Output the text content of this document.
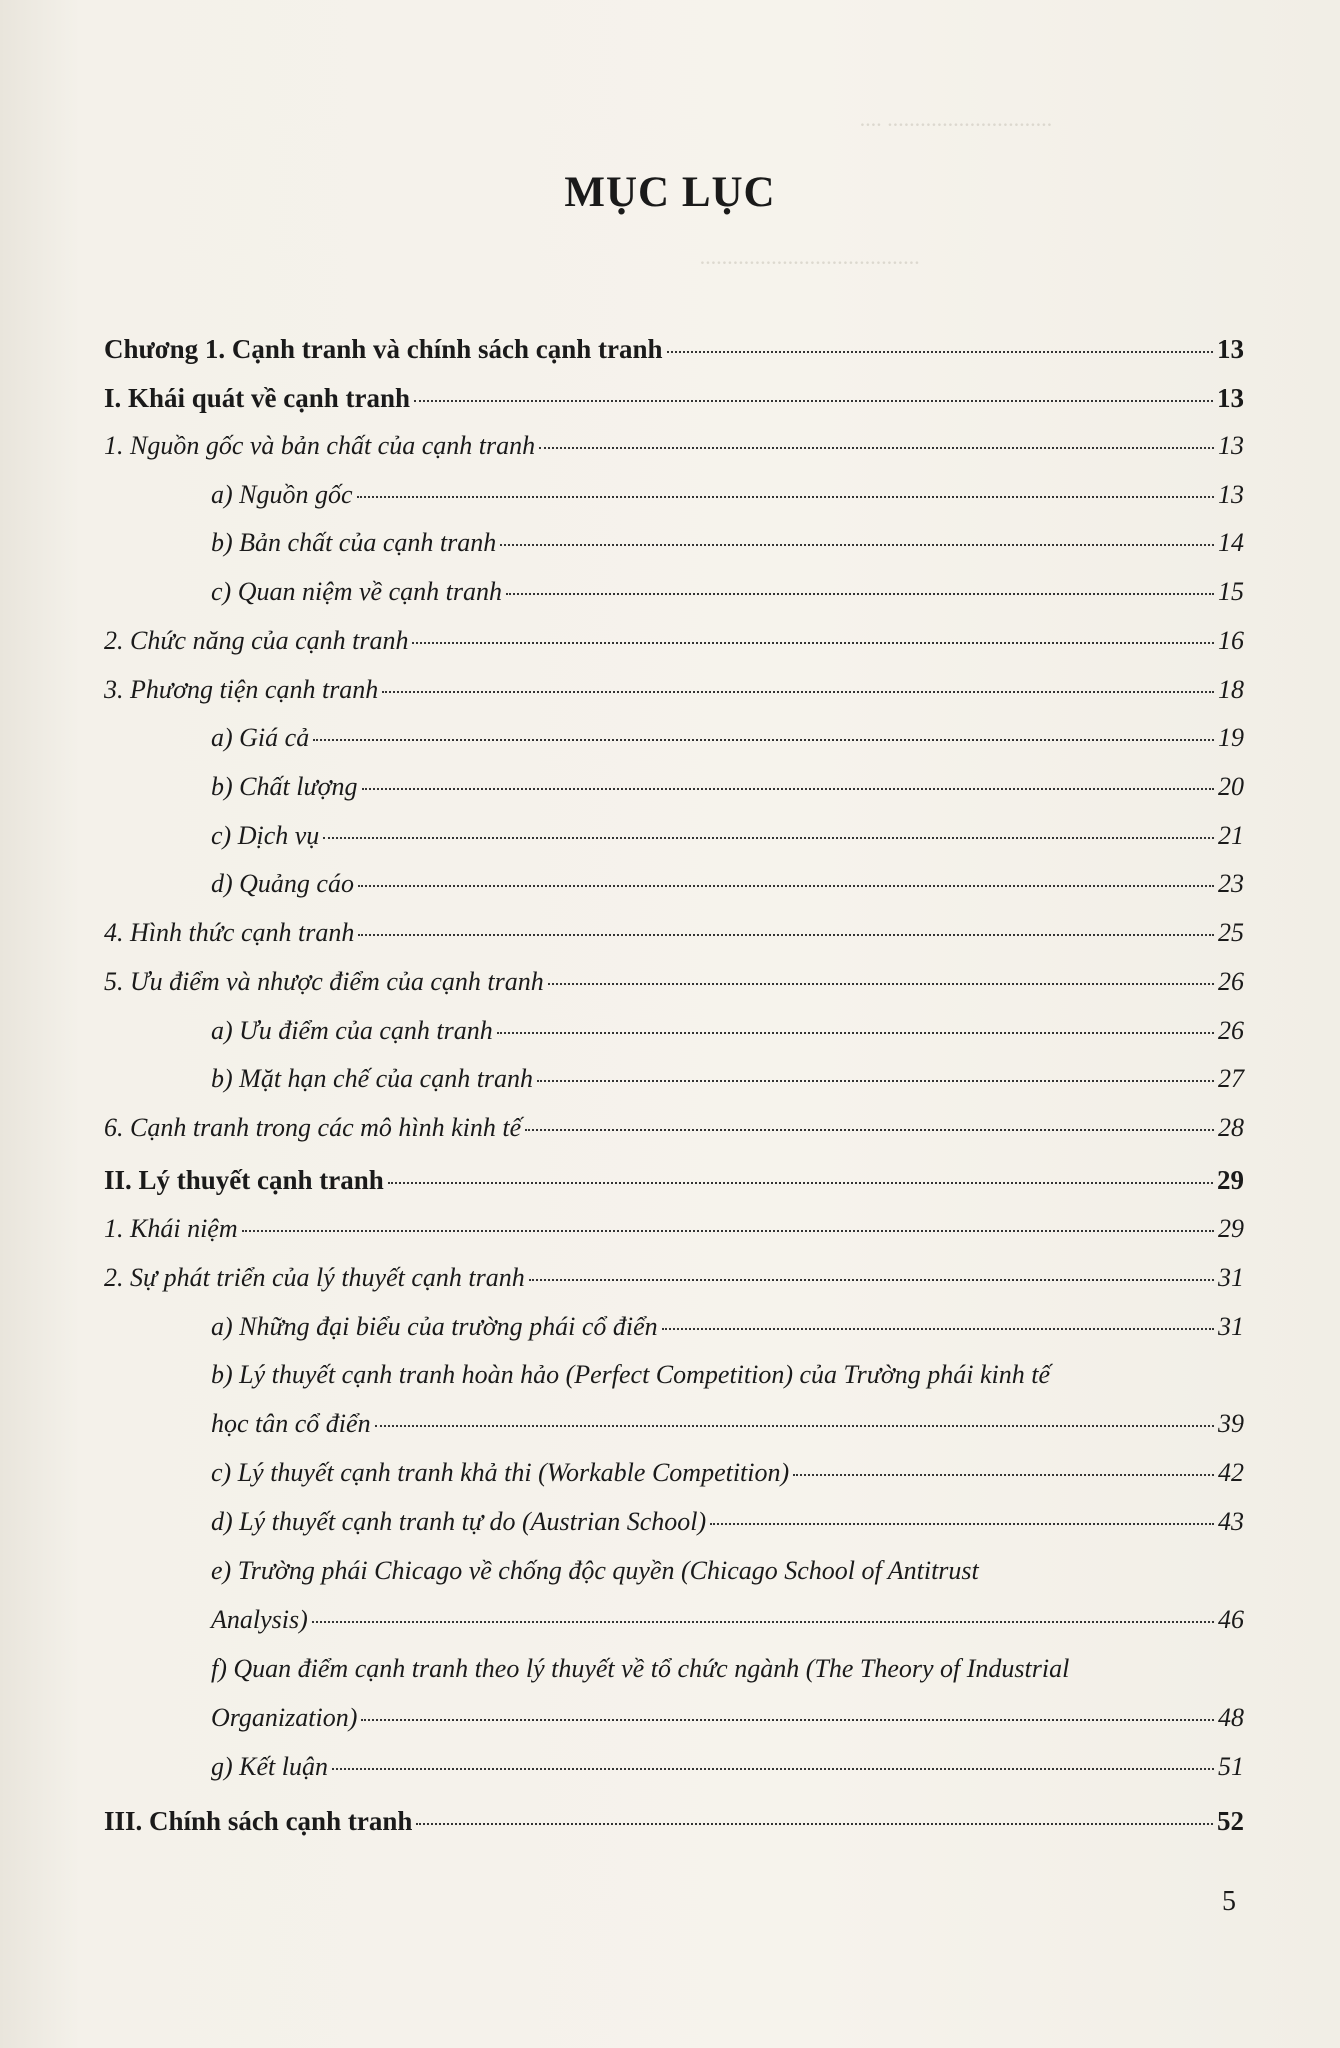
······························ ····
········································
MỤC LỤC
Chương 1. Cạnh tranh và chính sách cạnh tranh	13
I. Khái quát về cạnh tranh	13
1. Nguồn gốc và bản chất của cạnh tranh	13
a) Nguồn gốc	13
b) Bản chất của cạnh tranh	14
c) Quan niệm về cạnh tranh	15
2. Chức năng của cạnh tranh	16
3. Phương tiện cạnh tranh	18
a) Giá cả	19
b) Chất lượng	20
c) Dịch vụ	21
d) Quảng cáo	23
4. Hình thức cạnh tranh	25
5. Ưu điểm và nhược điểm của cạnh tranh	26
a) Ưu điểm của cạnh tranh	26
b) Mặt hạn chế của cạnh tranh	27
6. Cạnh tranh trong các mô hình kinh tế	28
II. Lý thuyết cạnh tranh	29
1. Khái niệm	29
2. Sự phát triển của lý thuyết cạnh tranh	31
a) Những đại biểu của trường phái cổ điển	31
b) Lý thuyết cạnh tranh hoàn hảo (Perfect Competition) của Trường phái kinh tế
học tân cổ điển	39
c) Lý thuyết cạnh tranh khả thi (Workable Competition)	42
d) Lý thuyết cạnh tranh tự do (Austrian School)	43
e) Trường phái Chicago về chống độc quyền (Chicago School of Antitrust
Analysis)	46
f) Quan điểm cạnh tranh theo lý thuyết về tổ chức ngành (The Theory of Industrial
Organization)	48
g) Kết luận	51
III. Chính sách cạnh tranh	52
5
